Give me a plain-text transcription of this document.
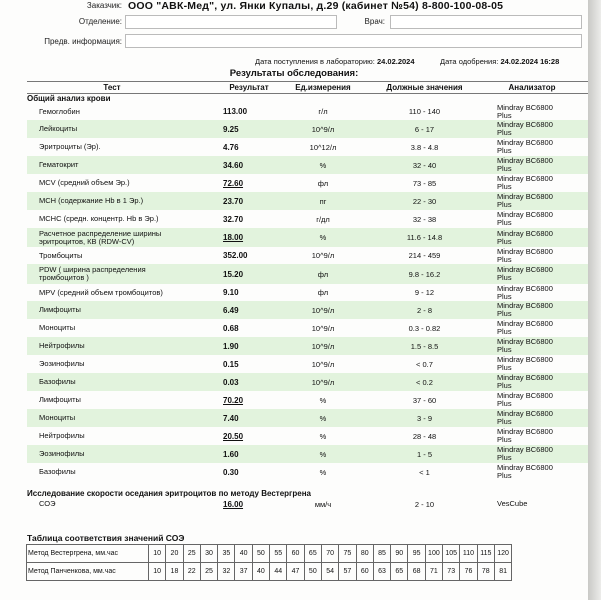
Заказчик: ООО "АВК-Мед", ул. Янки Купалы, д.29 (кабинет №54) 8-800-100-08-05
Отделение:	Врач:
Предв. информация:
Дата поступления в лабораторию: 24.02.2024	Дата одобрения: 24.02.2024 16:28
Результаты обследования:
Тест	Результат	Ед.измерения	Должные значения	Анализатор
Общий анализ крови
Гемоглобин	113.00	г/л	110 - 140	Mindray BC6800 Plus
Лейкоциты	9.25	10^9/л	6 - 17	Mindray BC6800 Plus
Эритроциты (Эр).	4.76	10^12/л	3.8 - 4.8	Mindray BC6800 Plus
Гематокрит	34.60	%	32 - 40	Mindray BC6800 Plus
MCV (средний объем Эр.)	72.60	фл	73 - 85	Mindray BC6800 Plus
MCH (содержание Hb в 1 Эр.)	23.70	пг	22 - 30	Mindray BC6800 Plus
MCHC (средн. концентр. Hb в Эр.)	32.70	г/дл	32 - 38	Mindray BC6800 Plus
Расчетное распределение ширины эритроцитов, КВ (RDW-CV)	18.00	%	11.6 - 14.8	Mindray BC6800 Plus
Тромбоциты	352.00	10^9/л	214 - 459	Mindray BC6800 Plus
PDW ( ширина распределения тромбоцитов )	15.20	фл	9.8 - 16.2	Mindray BC6800 Plus
MPV (средний объем тромбоцитов)	9.10	фл	9 - 12	Mindray BC6800 Plus
Лимфоциты	6.49	10^9/л	2 - 8	Mindray BC6800 Plus
Моноциты	0.68	10^9/л	0.3 - 0.82	Mindray BC6800 Plus
Нейтрофилы	1.90	10^9/л	1.5 - 8.5	Mindray BC6800 Plus
Эозинофилы	0.15	10^9/л	< 0.7	Mindray BC6800 Plus
Базофилы	0.03	10^9/л	< 0.2	Mindray BC6800 Plus
Лимфоциты	70.20	%	37 - 60	Mindray BC6800 Plus
Моноциты	7.40	%	3 - 9	Mindray BC6800 Plus
Нейтрофилы	20.50	%	28 - 48	Mindray BC6800 Plus
Эозинофилы	1.60	%	1 - 5	Mindray BC6800 Plus
Базофилы	0.30	%	< 1	Mindray BC6800 Plus
Исследование скорости оседания эритроцитов по методу Вестергрена
СОЭ	16.00	мм/ч	2 - 10	VesCube
Таблица соответствия значений СОЭ
Метод Вестергрена, мм.час	10	20	25	30	35	40	50	55	60	65	70	75	80	85	90	95	100	105	110	115	120
Метод Панченкова, мм.час	10	18	22	25	32	37	40	44	47	50	54	57	60	63	65	68	71	73	76	78	81
